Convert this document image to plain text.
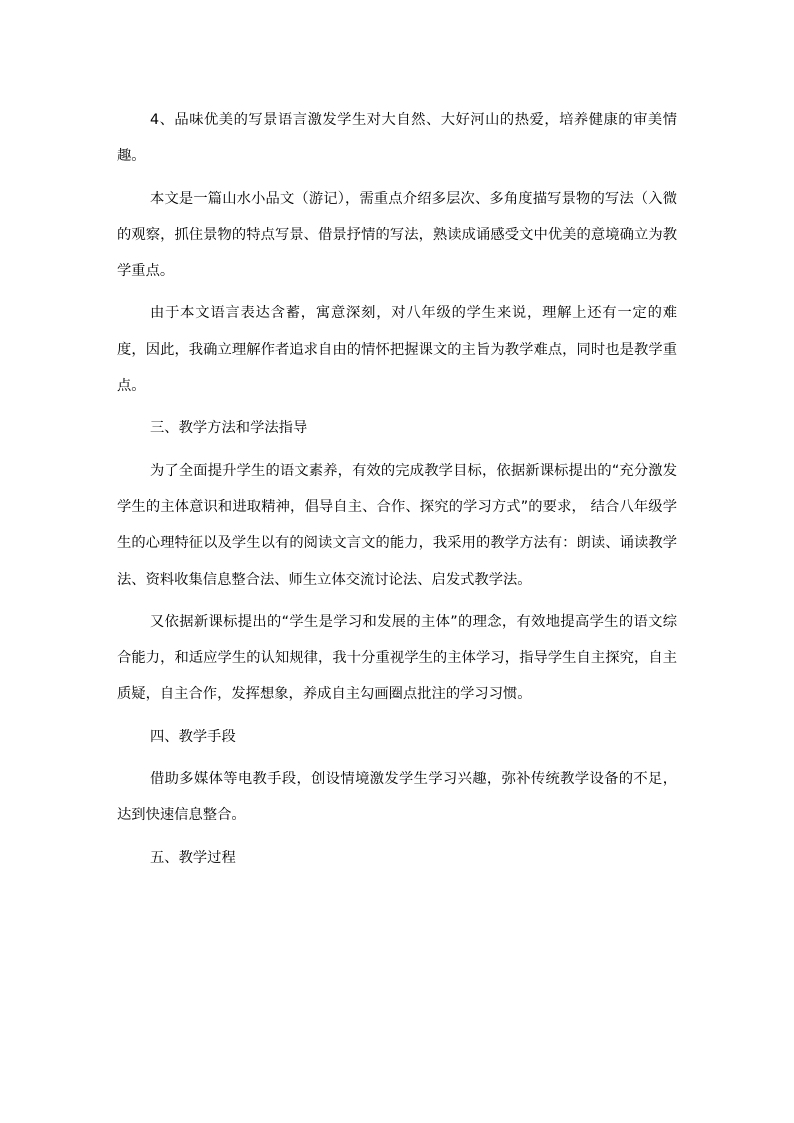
4、品味优美的写景语言激发学生对大自然、大好河山的热爱，培养健康的审美情趣。

本文是一篇山水小品文（游记），需重点介绍多层次、多角度描写景物的写法（入微的观察，抓住景物的特点写景、借景抒情的写法，熟读成诵感受文中优美的意境确立为教学重点。

由于本文语言表达含蓄，寓意深刻，对八年级的学生来说，理解上还有一定的难度，因此，我确立理解作者追求自由的情怀把握课文的主旨为教学难点，同时也是教学重点。

三、教学方法和学法指导

为了全面提升学生的语文素养，有效的完成教学目标，依据新课标提出的“充分激发学生的主体意识和进取精神，倡导自主、合作、探究的学习方式”的要求， 结合八年级学生的心理特征以及学生以有的阅读文言文的能力，我采用的教学方法有：朗读、诵读教学法、资料收集信息整合法、师生立体交流讨论法、启发式教学法。

又依据新课标提出的“学生是学习和发展的主体”的理念，有效地提高学生的语文综合能力，和适应学生的认知规律，我十分重视学生的主体学习，指导学生自主探究，自主质疑，自主合作，发挥想象，养成自主勾画圈点批注的学习习惯。

四、教学手段

借助多媒体等电教手段，创设情境激发学生学习兴趣，弥补传统教学设备的不足，达到快速信息整合。

五、教学过程
